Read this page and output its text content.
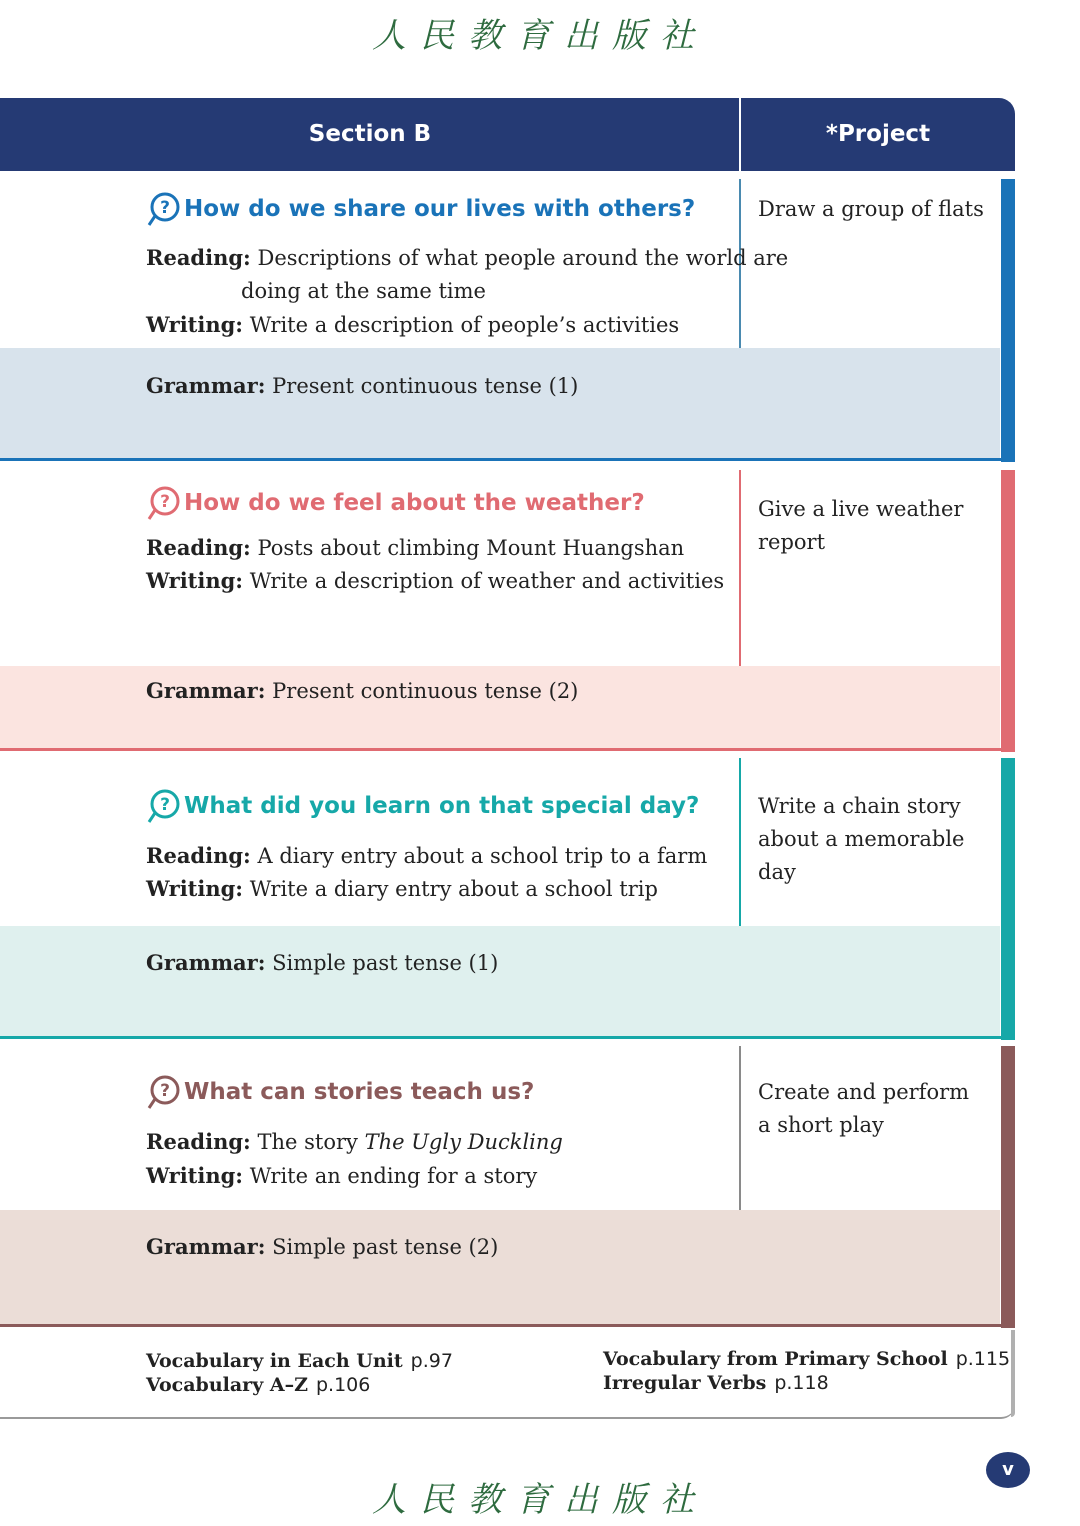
人民教育出版社
Section B	*Project
? How do we share our lives with others?
Reading: Descriptions of what people around the world are
doing at the same time
Writing: Write a description of people’s activities
Grammar: Present continuous tense (1)
Draw a group of flats
? How do we feel about the weather?
Reading: Posts about climbing Mount Huangshan
Writing: Write a description of weather and activities
Grammar: Present continuous tense (2)
Give a live weather report
? What did you learn on that special day?
Reading: A diary entry about a school trip to a farm
Writing: Write a diary entry about a school trip
Grammar: Simple past tense (1)
Write a chain story about a memorable day
? What can stories teach us?
Reading: The story The Ugly Duckling
Writing: Write an ending for a story
Grammar: Simple past tense (2)
Create and perform a short play
Vocabulary in Each Unit p.97
Vocabulary A–Z p.106
Vocabulary from Primary School p.115
Irregular Verbs p.118
v
人民教育出版社
